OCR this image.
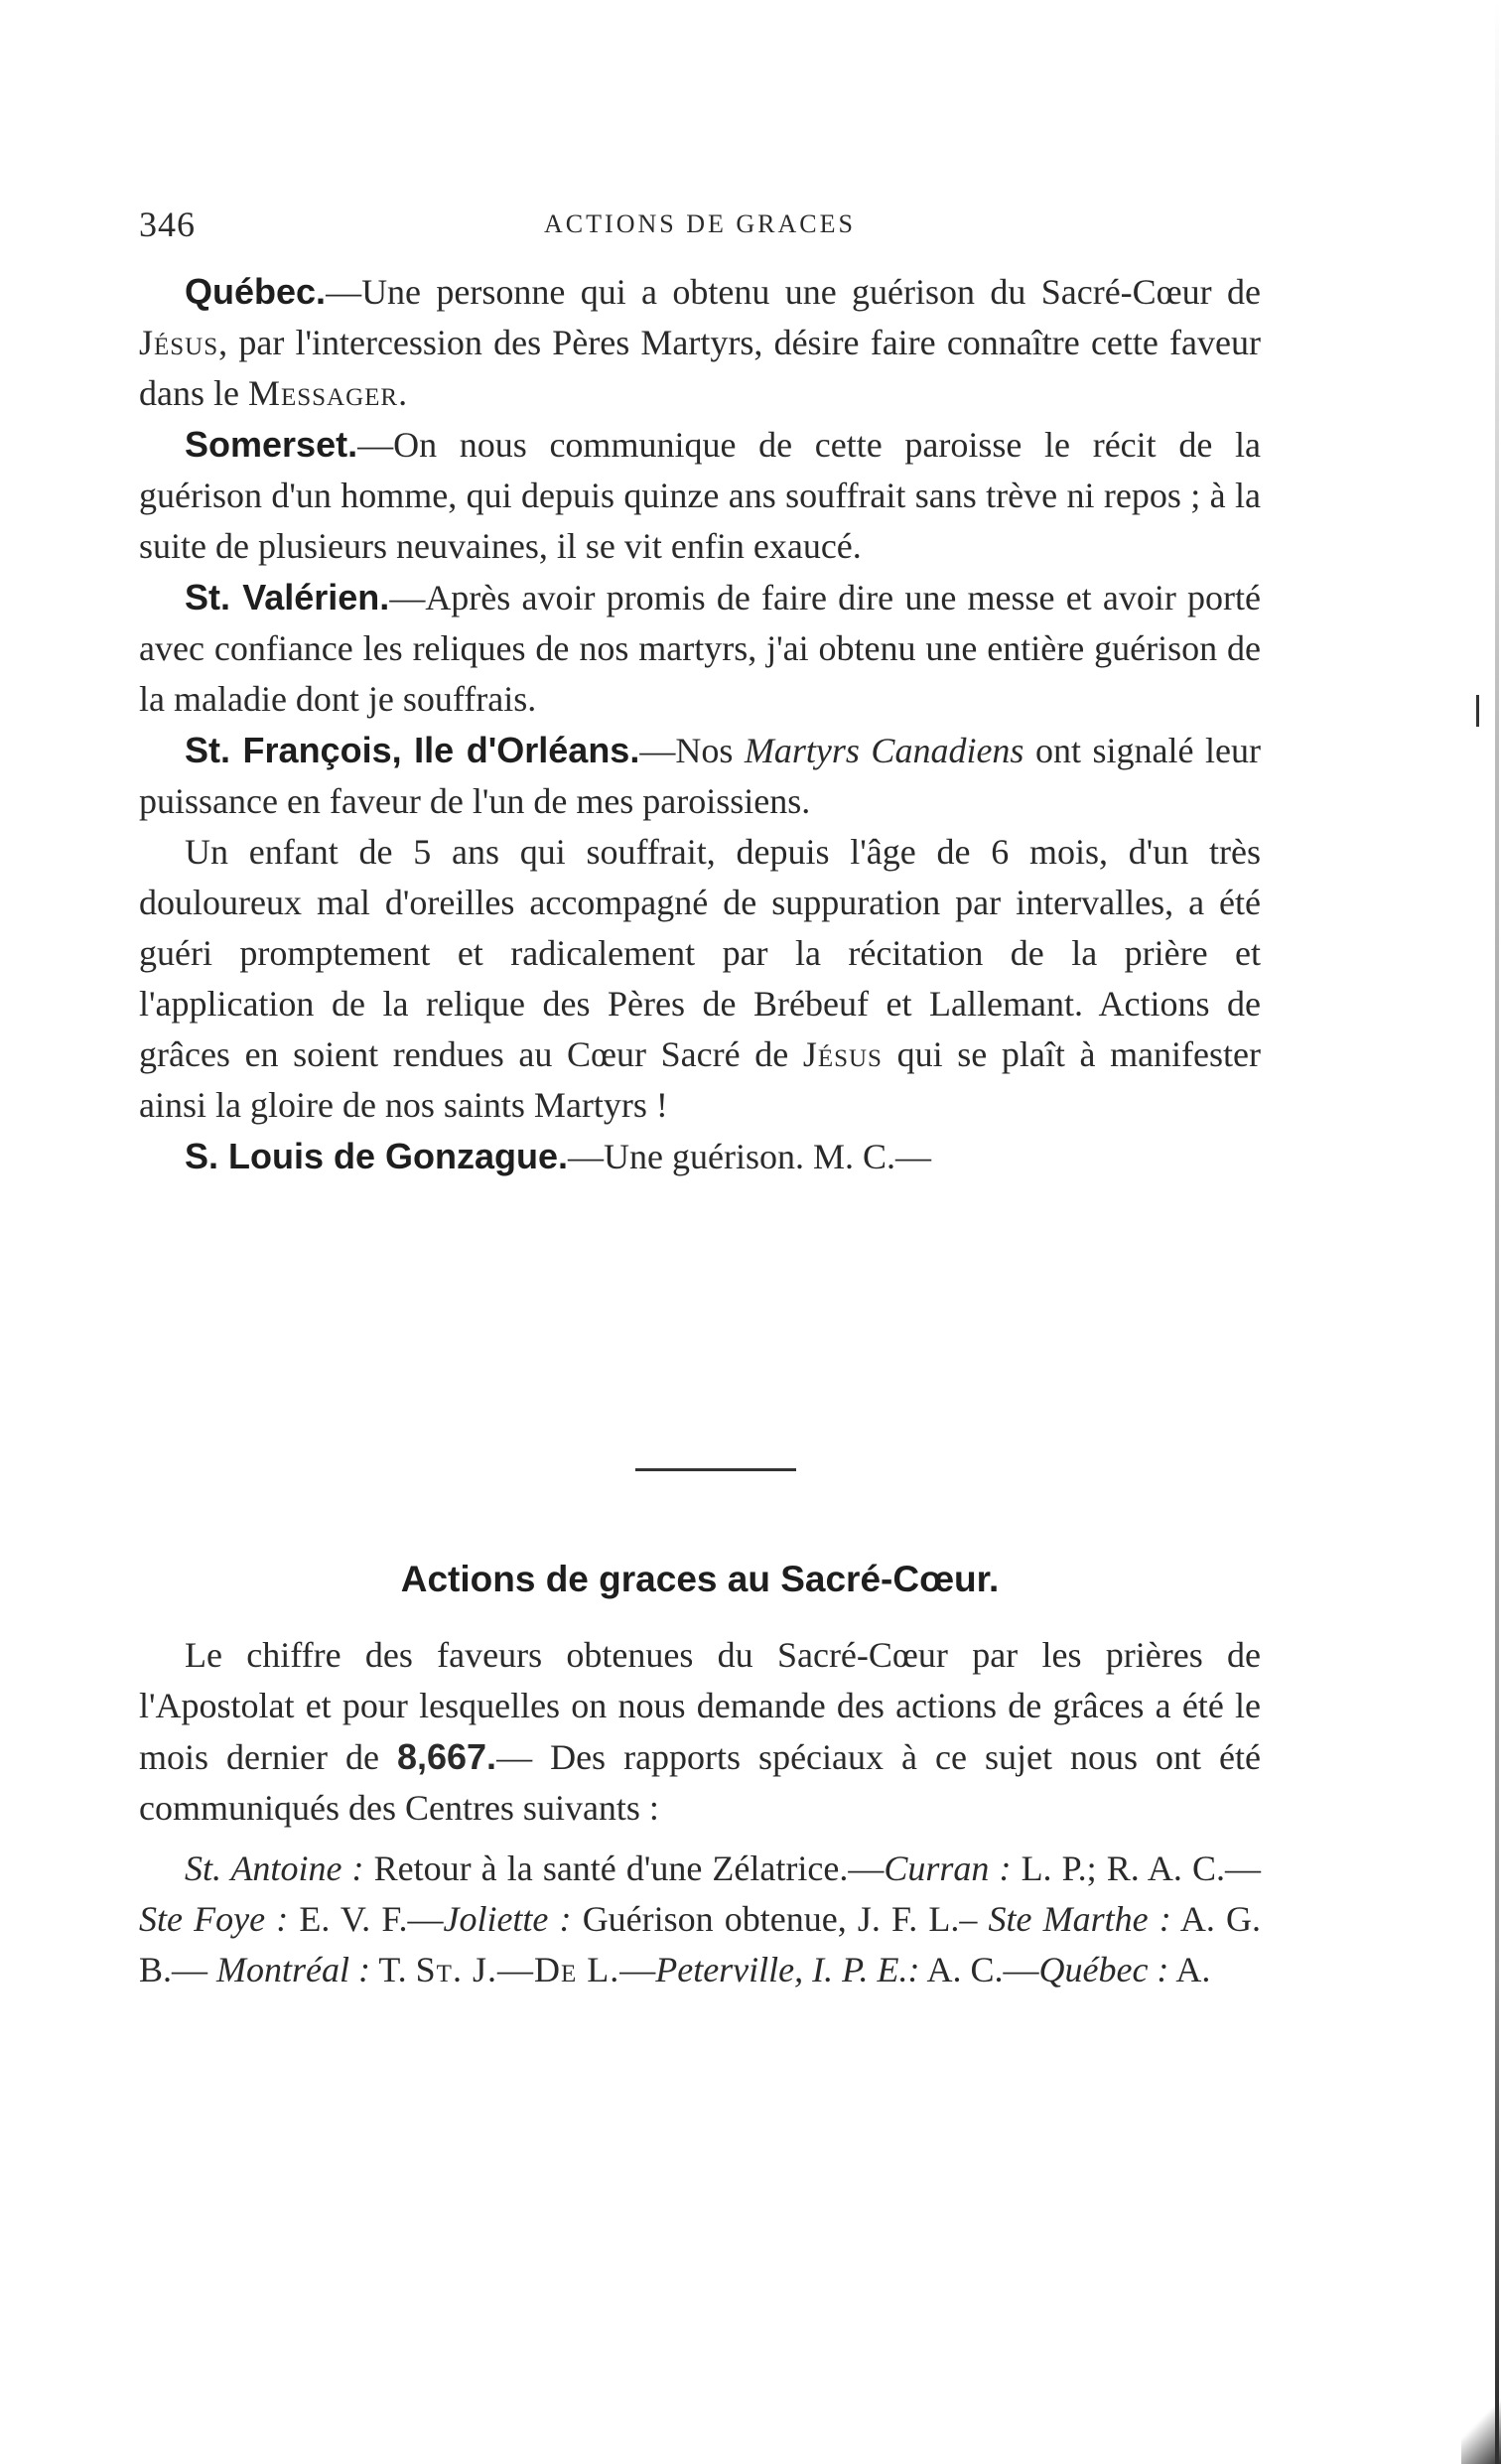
346	ACTIONS DE GRACES

Québec.—Une personne qui a obtenu une guérison du Sacré-Cœur de Jésus, par l'intercession des Pères Martyrs, désire faire connaître cette faveur dans le Messager.

Somerset.—On nous communique de cette paroisse le récit de la guérison d'un homme, qui depuis quinze ans souffrait sans trève ni repos ; à la suite de plusieurs neuvaines, il se vit enfin exaucé.

St. Valérien.—Après avoir promis de faire dire une messe et avoir porté avec confiance les reliques de nos martyrs, j'ai obtenu une entière guérison de la maladie dont je souffrais.

St. François, Ile d'Orléans.—Nos Martyrs Canadiens ont signalé leur puissance en faveur de l'un de mes paroissiens.

Un enfant de 5 ans qui souffrait, depuis l'âge de 6 mois, d'un très douloureux mal d'oreilles accompagné de suppuration par intervalles, a été guéri promptement et radicalement par la récitation de la prière et l'application de la relique des Pères de Brébeuf et Lallemant. Actions de grâces en soient rendues au Cœur Sacré de Jésus qui se plaît à manifester ainsi la gloire de nos saints Martyrs !

S. Louis de Gonzague.—Une guérison. M. C.—

Actions de graces au Sacré-Cœur.

Le chiffre des faveurs obtenues du Sacré-Cœur par les prières de l'Apostolat et pour lesquelles on nous demande des actions de grâces a été le mois dernier de 8,667.— Des rapports spéciaux à ce sujet nous ont été communiqués des Centres suivants :

St. Antoine : Retour à la santé d'une Zélatrice.—Curran : L. P.; R. A. C.— Ste Foye : E. V. F.—Joliette : Guérison obtenue, J. F. L.– Ste Marthe : A. G. B.— Montréal : T. St. J.—De L.—Peterville, I. P. E.: A. C.—Québec : A.
